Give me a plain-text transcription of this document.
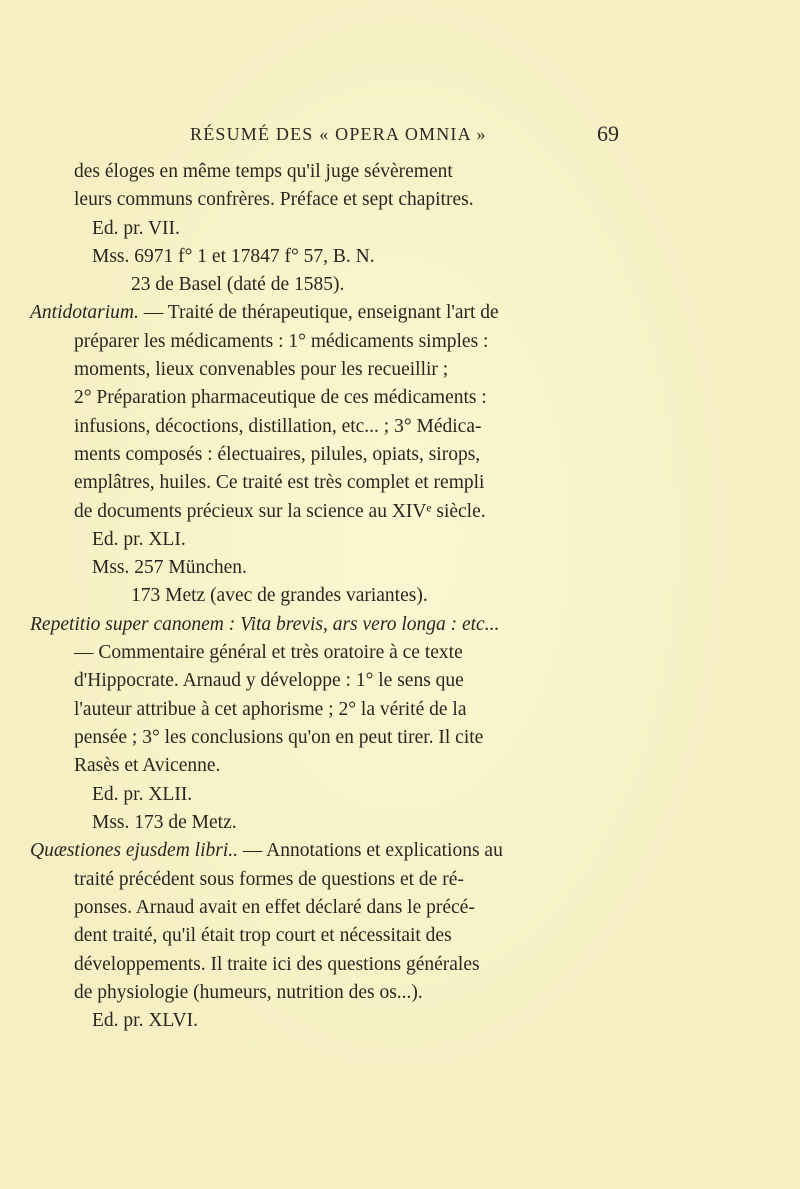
RÉSUMÉ DES « OPERA OMNIA »	69
des éloges en même temps qu'il juge sévèrement
leurs communs confrères. Préface et sept chapitres.
Ed. pr. VII.
Mss. 6971 f° 1 et 17847 f° 57, B. N.
23 de Basel (daté de 1585).
Antidotarium. — Traité de thérapeutique, enseignant l'art de
préparer les médicaments : 1° médicaments simples :
moments, lieux convenables pour les recueillir ;
2° Préparation pharmaceutique de ces médicaments :
infusions, décoctions, distillation, etc... ; 3° Médica-
ments composés : électuaires, pilules, opiats, sirops,
emplâtres, huiles. Ce traité est très complet et rempli
de documents précieux sur la science au XIVᵉ siècle.
Ed. pr. XLI.
Mss. 257 München.
173 Metz (avec de grandes variantes).
Repetitio super canonem : Vita brevis, ars vero longa : etc...
— Commentaire général et très oratoire à ce texte
d'Hippocrate. Arnaud y développe : 1° le sens que
l'auteur attribue à cet aphorisme ; 2° la vérité de la
pensée ; 3° les conclusions qu'on en peut tirer. Il cite
Rasès et Avicenne.
Ed. pr. XLII.
Mss. 173 de Metz.
Quæstiones ejusdem libri.. — Annotations et explications au
traité précédent sous formes de questions et de ré-
ponses. Arnaud avait en effet déclaré dans le précé-
dent traité, qu'il était trop court et nécessitait des
développements. Il traite ici des questions générales
de physiologie (humeurs, nutrition des os...).
Ed. pr. XLVI.
